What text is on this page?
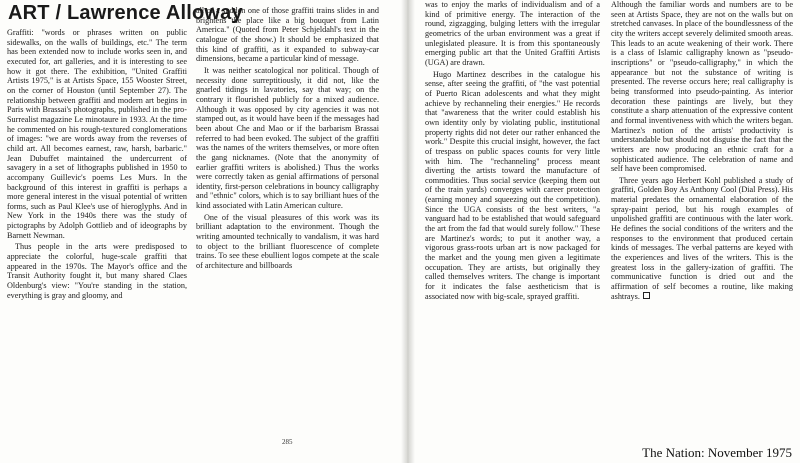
ART / Lawrence Alloway

Graffiti: "words or phrases written on public sidewalks, on the walls of buildings, etc." The term has been extended now to include works seen in, and executed for, art galleries, and it is interesting to see how it got there. The exhibition, "United Graffiti Artists 1975," is at Artists Space, 155 Wooster Street, on the corner of Houston (until September 27). The relationship between graffiti and modern art begins in Paris with Brassai's photographs, published in the pro-Surrealist magazine Le minotaure in 1933. At the time he commented on his rough-textured conglomerations of images: "we are words away from the reverses of child art. All becomes earnest, raw, harsh, barbaric." Jean Dubuffet maintained the undercurrent of savagery in a set of lithographs published in 1950 to accompany Guillevic's poems Les Murs. In the background of this interest in graffiti is perhaps a more general interest in the visual potential of written forms, such as Paul Klee's use of hieroglyphs. And in New York in the 1940s there was the study of pictographs by Adolph Gottlieb and of ideographs by Barnett Newman.

Thus people in the arts were predisposed to appreciate the colorful, huge-scale graffiti that appeared in the 1970s. The Mayor's office and the Transit Authority fought it, but many shared Claes Oldenburg's view: "You're standing in the station, everything is gray and gloomy, and

all of a sudden one of those graffiti trains slides in and brightens the place like a big bouquet from Latin America." (Quoted from Peter Schjeldahl's text in the catalogue of the show.) It should be emphasized that this kind of graffiti, as it expanded to subway-car dimensions, became a particular kind of message.

It was neither scatological nor political. Though of necessity done surreptitiously, it did not, like the gnarled tidings in lavatories, say that way; on the contrary it flourished publicly for a mixed audience. Although it was opposed by city agencies it was not stamped out, as it would have been if the messages had been about Che and Mao or if the barbarism Brassai referred to had been evoked. The subject of the graffiti was the names of the writers themselves, or more often the gang nicknames. (Note that the anonymity of earlier graffiti writers is abolished.) Thus the works were correctly taken as genial affirmations of personal identity, first-person celebrations in bouncy calligraphy and "ethnic" colors, which is to say brilliant hues of the kind associated with Latin American culture.

One of the visual pleasures of this work was its brilliant adaptation to the environment. Though the writing amounted technically to vandalism, it was hard to object to the brilliant fluorescence of complete trains. To see these ebullient logos compete at the scale of architecture and billboards

285

was to enjoy the marks of individualism and of a kind of primitive energy. The interaction of the round, zigzagging, bulging letters with the irregular geometrics of the urban environment was a great if unlegislated pleasure. It is from this spontaneously emerging public art that the United Graffiti Artists (UGA) are drawn.

Hugo Martinez describes in the catalogue his sense, after seeing the graffiti, of "the vast potential of Puerto Rican adolescents and what they might achieve by rechanneling their energies." He records that "awareness that the writer could establish his own identity only by violating public, institutional property rights did not deter our rather enhanced the work." Despite this crucial insight, however, the fact of trespass on public spaces counts for very little with him. The "rechanneling" process meant diverting the artists toward the manufacture of commodities. Thus social service (keeping them out of the train yards) converges with career protection (earning money and squeezing out the competition). Since the UGA consists of the best writers, "a vanguard had to be established that would safeguard the art from the fad that would surely follow." These are Martinez's words; to put it another way, a vigorous grass-roots urban art is now packaged for the market and the young men given a legitimate occupation. They are artists, but originally they called themselves writers. The change is important for it indicates the false aestheticism that is associated now with big-scale, sprayed graffiti.

Although the familiar words and numbers are to be seen at Artists Space, they are not on the walls but on stretched canvases. In place of the boundlessness of the city the writers accept severely delimited smooth areas. This leads to an acute weakening of their work. There is a class of Islamic calligraphy known as "pseudo-inscriptions" or "pseudo-calligraphy," in which the appearance but not the substance of writing is presented. The reverse occurs here; real calligraphy is being transformed into pseudo-painting. As interior decoration these paintings are lively, but they constitute a sharp attenuation of the expressive content and formal inventiveness with which the writers began. Martinez's notion of the artists' productivity is understandable but should not disguise the fact that the writers are now producing an ethnic craft for a sophisticated audience. The celebration of name and self have been compromised.

Three years ago Herbert Kohl published a study of graffiti, Golden Boy As Anthony Cool (Dial Press). His material predates the ornamental elaboration of the spray-paint period, but his rough examples of unpolished graffiti are continuous with the later work. He defines the social conditions of the writers and the responses to the environment that produced certain kinds of messages. The verbal patterns are keyed with the experiences and lives of the writers. This is the greatest loss in the gallery-ization of graffiti. The communicative function is dried out and the affirmation of self becomes a routine, like making ashtrays.

The Nation: November 1975
